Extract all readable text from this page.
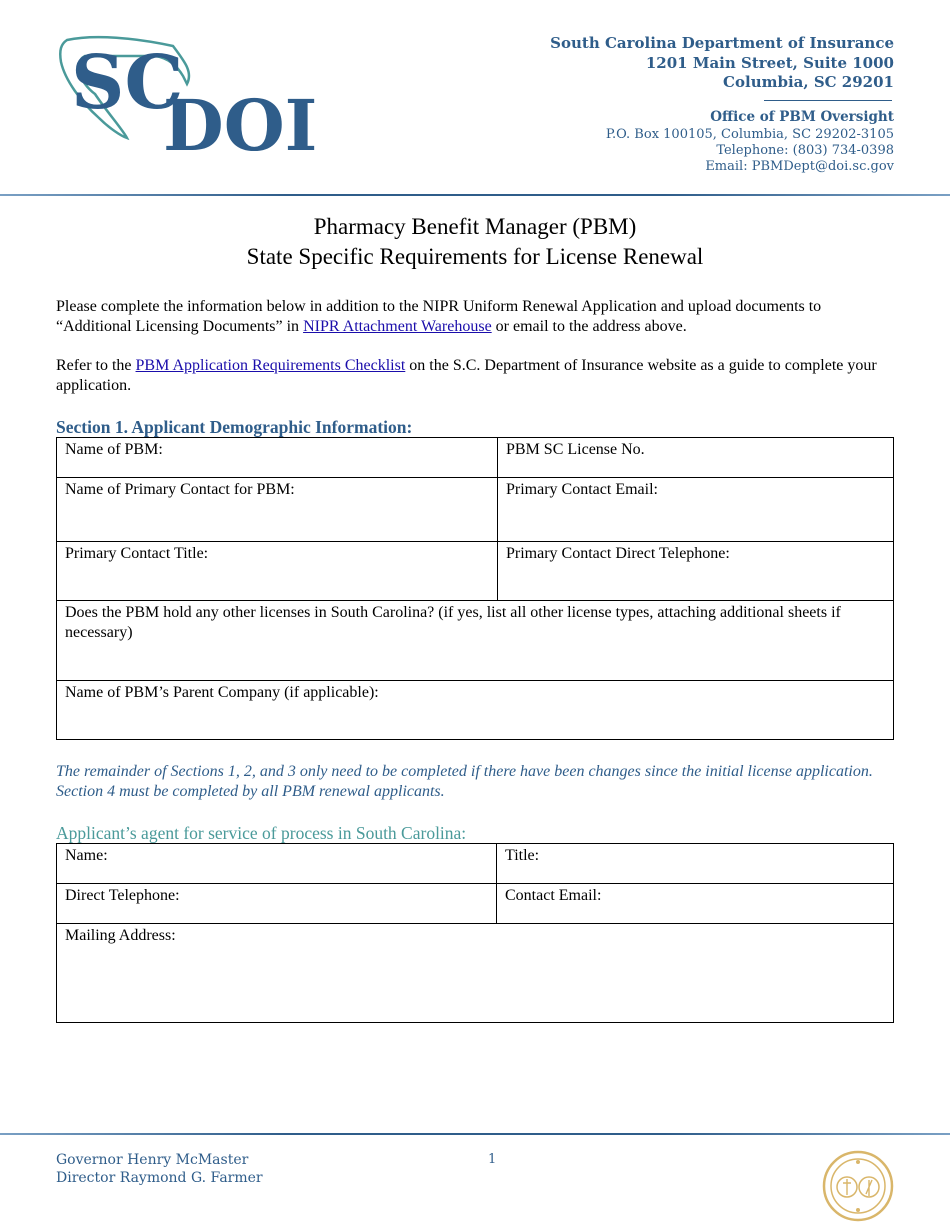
SC
DOI
South Carolina Department of Insurance
1201 Main Street, Suite 1000
Columbia, SC 29201
Office of PBM Oversight
P.O. Box 100105, Columbia, SC 29202-3105
Telephone: (803) 734-0398
Email: PBMDept@doi.sc.gov
Pharmacy Benefit Manager (PBM)
State Specific Requirements for License Renewal
Please complete the information below in addition to the NIPR Uniform Renewal Application and upload documents to “Additional Licensing Documents” in NIPR Attachment Warehouse or email to the address above.
Refer to the PBM Application Requirements Checklist on the S.C. Department of Insurance website as a guide to complete your application.
Section 1. Applicant Demographic Information:
Name of PBM:	PBM SC License No.
Name of Primary Contact for PBM:	Primary Contact Email:
Primary Contact Title:	Primary Contact Direct Telephone:
Does the PBM hold any other licenses in South Carolina? (if yes, list all other license types, attaching additional sheets if necessary)	
Name of PBM’s Parent Company (if applicable):	
The remainder of Sections 1, 2, and 3 only need to be completed if there have been changes since the initial license application. Section 4 must be completed by all PBM renewal applicants.
Applicant’s agent for service of process in South Carolina:
Name:	Title:
Direct Telephone:	Contact Email:
Mailing Address:	
Governor Henry McMaster
Director Raymond G. Farmer
1
